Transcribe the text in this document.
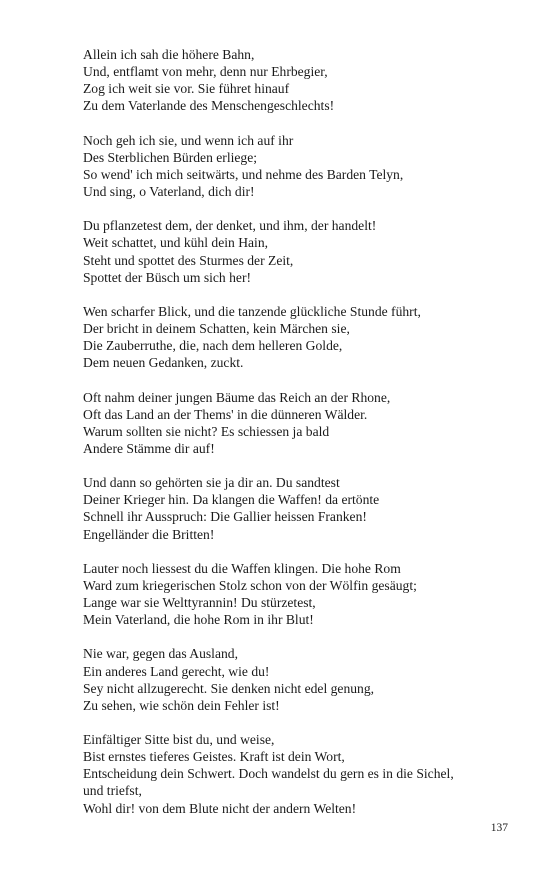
Allein ich sah die höhere Bahn,
Und, entflamt von mehr, denn nur Ehrbegier,
Zog ich weit sie vor. Sie führet hinauf
Zu dem Vaterlande des Menschengeschlechts!
Noch geh ich sie, und wenn ich auf ihr
Des Sterblichen Bürden erliege;
So wend' ich mich seitwärts, und nehme des Barden Telyn,
Und sing, o Vaterland, dich dir!
Du pflanzetest dem, der denket, und ihm, der handelt!
Weit schattet, und kühl dein Hain,
Steht und spottet des Sturmes der Zeit,
Spottet der Büsch um sich her!
Wen scharfer Blick, und die tanzende glückliche Stunde führt,
Der bricht in deinem Schatten, kein Märchen sie,
Die Zauberruthe, die, nach dem helleren Golde,
Dem neuen Gedanken, zuckt.
Oft nahm deiner jungen Bäume das Reich an der Rhone,
Oft das Land an der Thems' in die dünneren Wälder.
Warum sollten sie nicht? Es schiessen ja bald
Andere Stämme dir auf!
Und dann so gehörten sie ja dir an. Du sandtest
Deiner Krieger hin. Da klangen die Waffen! da ertönte
Schnell ihr Ausspruch: Die Gallier heissen Franken!
Engelländer die Britten!
Lauter noch liessest du die Waffen klingen. Die hohe Rom
Ward zum kriegerischen Stolz schon von der Wölfin gesäugt;
Lange war sie Welttyrannin! Du stürzetest,
Mein Vaterland, die hohe Rom in ihr Blut!
Nie war, gegen das Ausland,
Ein anderes Land gerecht, wie du!
Sey nicht allzugerecht. Sie denken nicht edel genung,
Zu sehen, wie schön dein Fehler ist!
Einfältiger Sitte bist du, und weise,
Bist ernstes tieferes Geistes. Kraft ist dein Wort,
Entscheidung dein Schwert. Doch wandelst du gern es in die Sichel,
und triefst,
Wohl dir! von dem Blute nicht der andern Welten!
137
